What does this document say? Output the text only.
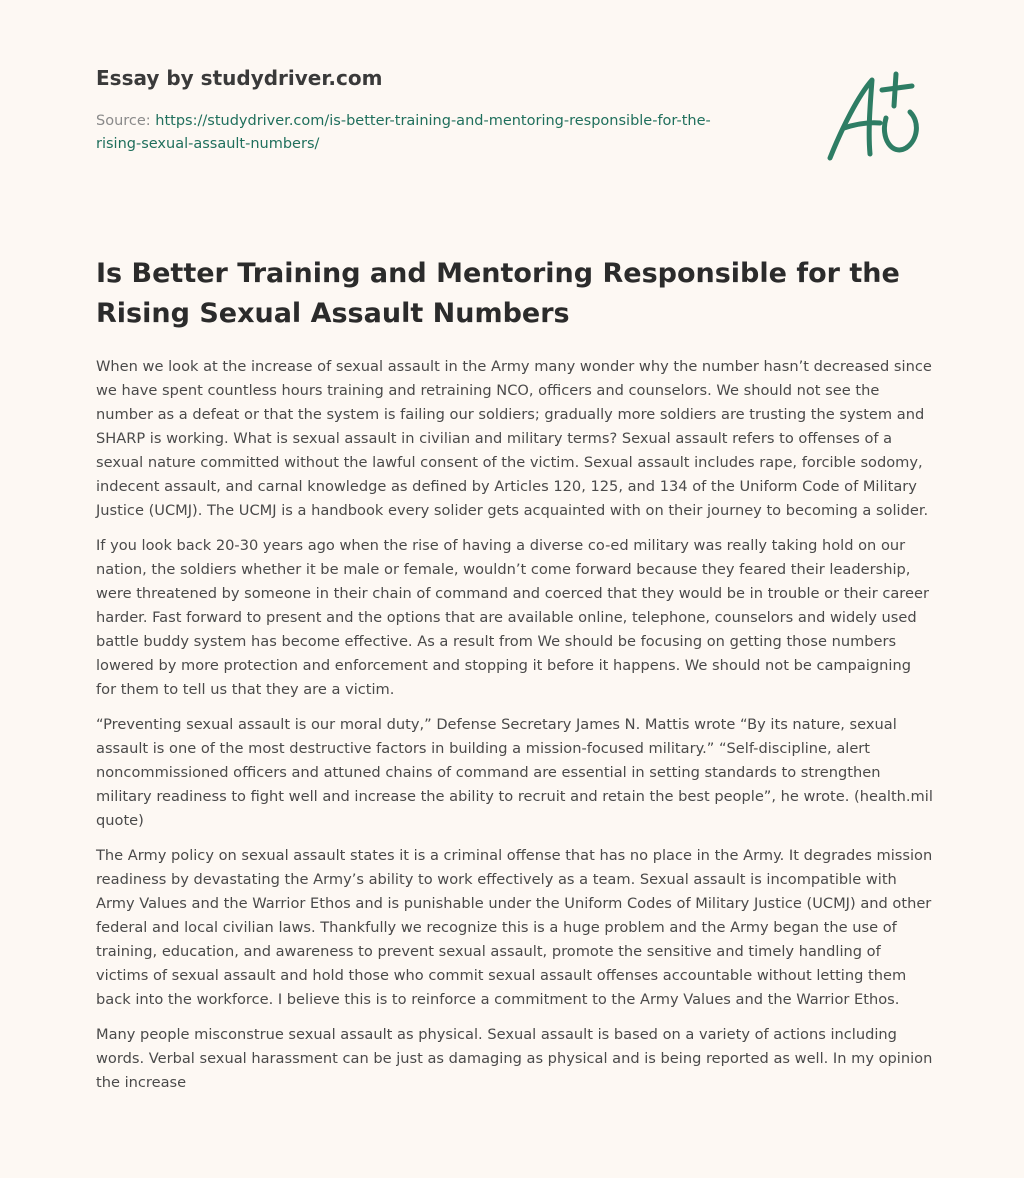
Essay by studydriver.com
Source: https://studydriver.com/is-better-training-and-mentoring-responsible-for-the-
rising-sexual-assault-numbers/
Is Better Training and Mentoring Responsible for the Rising Sexual Assault Numbers

When we look at the increase of sexual assault in the Army many wonder why the number hasn’t decreased since we have spent countless hours training and retraining NCO, officers and counselors. We should not see the number as a defeat or that the system is failing our soldiers; gradually more soldiers are trusting the system and SHARP is working. What is sexual assault in civilian and military terms? Sexual assault refers to offenses of a sexual nature committed without the lawful consent of the victim. Sexual assault includes rape, forcible sodomy, indecent assault, and carnal knowledge as defined by Articles 120, 125, and 134 of the Uniform Code of Military Justice (UCMJ). The UCMJ is a handbook every solider gets acquainted with on their journey to becoming a solider.

If you look back 20-30 years ago when the rise of having a diverse co-ed military was really taking hold on our nation, the soldiers whether it be male or female, wouldn’t come forward because they feared their leadership, were threatened by someone in their chain of command and coerced that they would be in trouble or their career harder. Fast forward to present and the options that are available online, telephone, counselors and widely used battle buddy system has become effective. As a result from We should be focusing on getting those numbers lowered by more protection and enforcement and stopping it before it happens. We should not be campaigning for them to tell us that they are a victim.

“Preventing sexual assault is our moral duty,” Defense Secretary James N. Mattis wrote “By its nature, sexual assault is one of the most destructive factors in building a mission-focused military.” “Self-discipline, alert noncommissioned officers and attuned chains of command are essential in setting standards to strengthen military readiness to fight well and increase the ability to recruit and retain the best people”, he wrote. (health.mil quote)

The Army policy on sexual assault states it is a criminal offense that has no place in the Army. It degrades mission readiness by devastating the Army’s ability to work effectively as a team. Sexual assault is incompatible with Army Values and the Warrior Ethos and is punishable under the Uniform Codes of Military Justice (UCMJ) and other federal and local civilian laws. Thankfully we recognize this is a huge problem and the Army began the use of training, education, and awareness to prevent sexual assault, promote the sensitive and timely handling of victims of sexual assault and hold those who commit sexual assault offenses accountable without letting them back into the workforce. I believe this is to reinforce a commitment to the Army Values and the Warrior Ethos.

Many people misconstrue sexual assault as physical. Sexual assault is based on a variety of actions including words. Verbal sexual harassment can be just as damaging as physical and is being reported as well. In my opinion the increase
